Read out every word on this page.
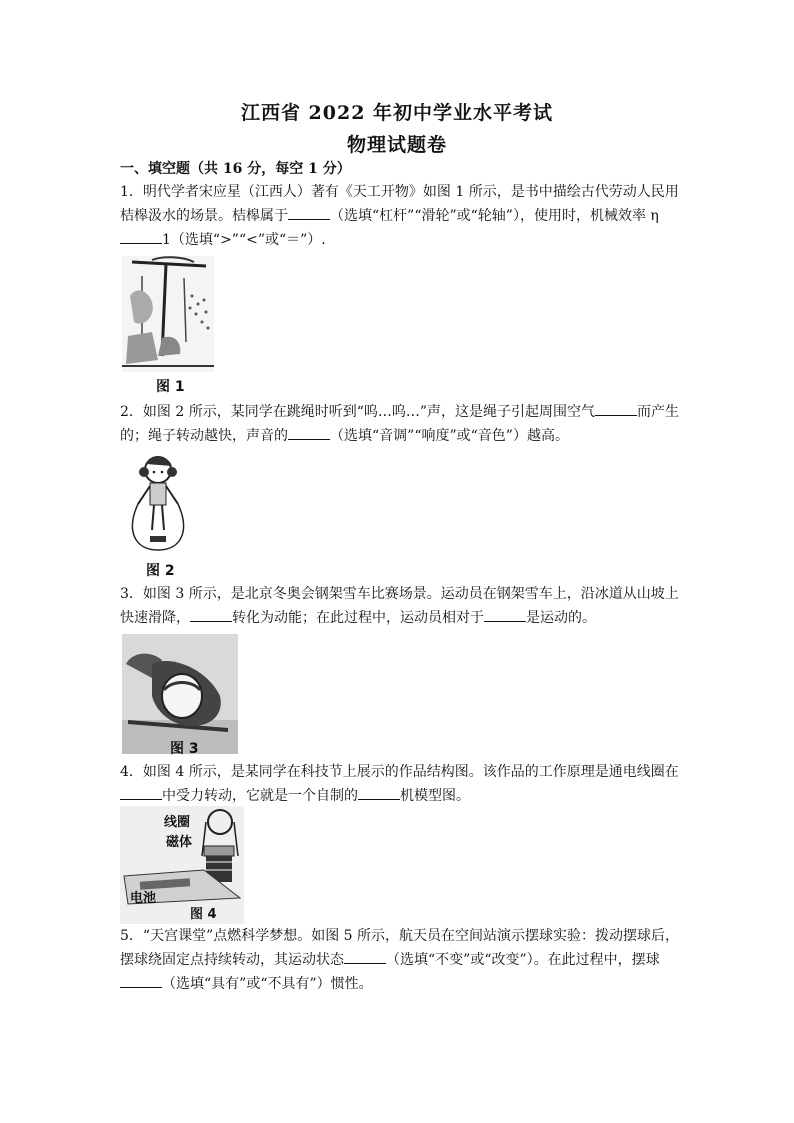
江西省 2022 年初中学业水平考试
物理试题卷
一、填空题（共 16 分，每空 1 分）
1．明代学者宋应星（江西人）著有《天工开物》如图 1 所示，是书中描绘古代劳动人民用桔槔汲水的场景。桔槔属于	（选填“杠杆”“滑轮”或“轮轴”），使用时，机械效率 η1（选填“>”“<”或“＝”）.
图 1
2．如图 2 所示，某同学在跳绳时听到“呜…呜…”声，这是绳子引起周围空气	而产生的；绳子转动越快，声音的	（选填“音调”“响度”或“音色”）越高。
图 2
3．如图 3 所示，是北京冬奥会钢架雪车比赛场景。运动员在钢架雪车上，沿冰道从山坡上快速滑降，	转化为动能；在此过程中，运动员相对于	是运动的。
图 3
4．如图 4 所示，是某同学在科技节上展示的作品结构图。该作品的工作原理是通电线圈在中受力转动，它就是一个自制的	机模型图。
线圈
磁体
电池
图 4
5．“天宫课堂”点燃科学梦想。如图 5 所示，航天员在空间站演示摆球实验：拨动摆球后，摆球绕固定点持续转动，其运动状态	（选填“不变”或“改变”）。在此过程中，摆球（选填“具有”或“不具有”）惯性。
